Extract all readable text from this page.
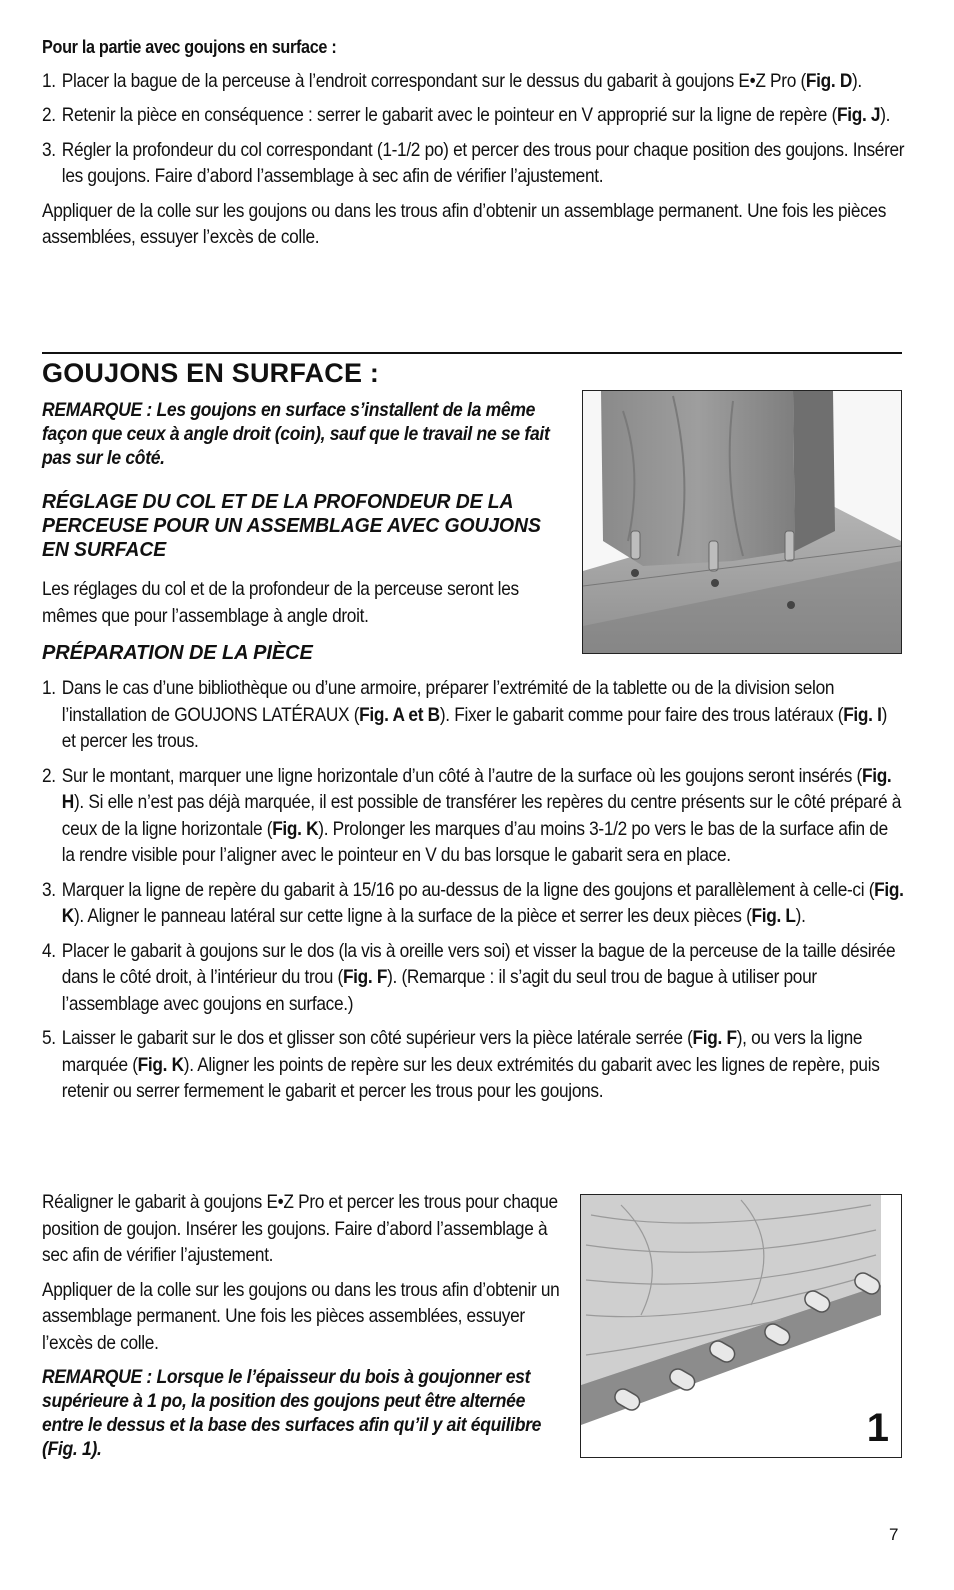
Pour la partie avec goujons en surface :
1. Placer la bague de la perceuse à l’endroit correspondant sur le dessus du gabarit à goujons E•Z Pro (Fig. D).
2. Retenir la pièce en conséquence : serrer le gabarit avec le pointeur en V approprié sur la ligne de repère (Fig. J).
3. Régler la profondeur du col correspondant (1-1/2 po) et percer des trous pour chaque position des goujons. Insérer les goujons. Faire d’abord l’assemblage à sec afin de vérifier l’ajustement.

Appliquer de la colle sur les goujons ou dans les trous afin d’obtenir un assemblage permanent. Une fois les pièces assemblées, essuyer l’excès de colle.

GOUJONS EN SURFACE :

REMARQUE : Les goujons en surface s’installent de la même façon que ceux à angle droit (coin), sauf que le travail ne se fait pas sur le côté.

RÉGLAGE DU COL ET DE LA PROFONDEUR DE LA PERCEUSE POUR UN ASSEMBLAGE AVEC GOUJONS EN SURFACE

Les réglages du col et de la profondeur de la perceuse seront les mêmes que pour l’assemblage à angle droit.

PRÉPARATION DE LA PIÈCE
1. Dans le cas d’une bibliothèque ou d’une armoire, préparer l’extrémité de la tablette ou de la division selon l’installation de GOUJONS LATÉRAUX (Fig. A et B). Fixer le gabarit comme pour faire des trous latéraux (Fig. I) et percer les trous.
2. Sur le montant, marquer une ligne horizontale d’un côté à l’autre de la surface où les goujons seront insérés (Fig. H). Si elle n’est pas déjà marquée, il est possible de transférer les repères du centre présents sur le côté préparé à ceux de la ligne horizontale (Fig. K). Prolonger les marques d’au moins 3-1/2 po vers le bas de la surface afin de la rendre visible pour l’aligner avec le pointeur en V du bas lorsque le gabarit sera en place.
3. Marquer la ligne de repère du gabarit à 15/16 po au-dessus de la ligne des goujons et parallèlement à celle-ci (Fig. K). Aligner le panneau latéral sur cette ligne à la surface de la pièce et serrer les deux pièces (Fig. L).
4. Placer le gabarit à goujons sur le dos (la vis à oreille vers soi) et visser la bague de la perceuse de la taille désirée dans le côté droit, à l’intérieur du trou (Fig. F). (Remarque : il s’agit du seul trou de bague à utiliser pour l’assemblage avec goujons en surface.)
5. Laisser le gabarit sur le dos et glisser son côté supérieur vers la pièce latérale serrée (Fig. F), ou vers la ligne marquée (Fig. K). Aligner les points de repère sur les deux extrémités du gabarit avec les lignes de repère, puis retenir ou serrer fermement le gabarit et percer les trous pour les goujons.

Réaligner le gabarit à goujons E•Z Pro et percer les trous pour chaque position de goujon. Insérer les goujons. Faire d’abord l’assemblage à sec afin de vérifier l’ajustement.

Appliquer de la colle sur les goujons ou dans les trous afin d’obtenir un assemblage permanent. Une fois les pièces assemblées, essuyer l’excès de colle.

REMARQUE : Lorsque le l’épaisseur du bois à goujonner est supérieure à 1 po, la position des goujons peut être alternée entre le dessus et la base des surfaces afin qu’il y ait équilibre (Fig. 1).	1
7
